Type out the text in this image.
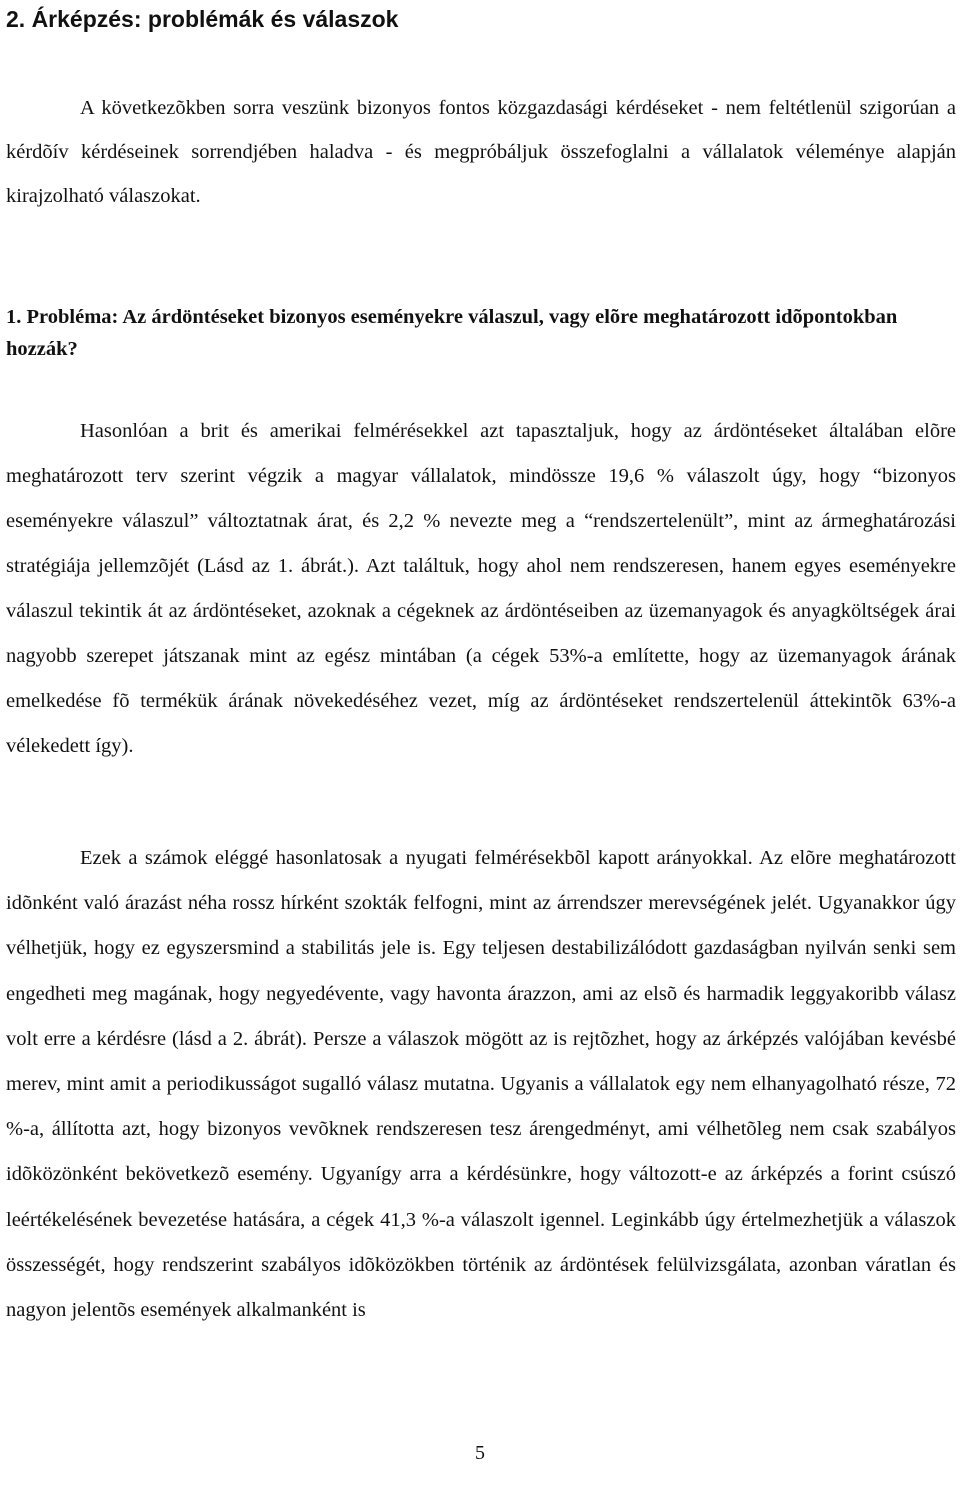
2. Árképzés: problémák és válaszok

A következõkben sorra veszünk bizonyos fontos közgazdasági kérdéseket - nem feltétlenül szigorúan a kérdõív kérdéseinek sorrendjében haladva - és megpróbáljuk összefoglalni a vállalatok véleménye alapján kirajzolható válaszokat.

1. Probléma: Az árdöntéseket bizonyos eseményekre válaszul, vagy elõre meghatározott idõpontokban hozzák?

Hasonlóan a brit és amerikai felmérésekkel azt tapasztaljuk, hogy az árdöntéseket általában elõre meghatározott terv szerint végzik a magyar vállalatok, mindössze 19,6 % válaszolt úgy, hogy “bizonyos eseményekre válaszul” változtatnak árat, és 2,2 % nevezte meg a “rendszertelenült”, mint az ármeghatározási stratégiája jellemzõjét (Lásd az 1. ábrát.). Azt találtuk, hogy ahol nem rendszeresen, hanem egyes eseményekre válaszul tekintik át az árdöntéseket, azoknak a cégeknek az árdöntéseiben az üzemanyagok és anyagköltségek árai nagyobb szerepet játszanak mint az egész mintában (a cégek 53%-a említette, hogy az üzemanyagok árának emelkedése fõ termékük árának növekedéséhez vezet, míg az árdöntéseket rendszertelenül áttekintõk 63%-a vélekedett így).

Ezek a számok eléggé hasonlatosak a nyugati felmérésekbõl kapott arányokkal. Az elõre meghatározott idõnként való árazást néha rossz hírként szokták felfogni, mint az árrendszer merevségének jelét. Ugyanakkor úgy vélhetjük, hogy ez egyszersmind a stabilitás jele is. Egy teljesen destabilizálódott gazdaságban nyilván senki sem engedheti meg magának, hogy negyedévente, vagy havonta árazzon, ami az elsõ és harmadik leggyakoribb válasz volt erre a kérdésre (lásd a 2. ábrát). Persze a válaszok mögött az is rejtõzhet, hogy az árképzés valójában kevésbé merev, mint amit a periodikusságot sugalló válasz mutatna. Ugyanis a vállalatok egy nem elhanyagolható része, 72 %-a, állította azt, hogy bizonyos vevõknek rendszeresen tesz árengedményt, ami vélhetõleg nem csak szabályos idõközönként bekövetkezõ esemény. Ugyanígy arra a kérdésünkre, hogy változott-e az árképzés a forint csúszó leértékelésének bevezetése hatására, a cégek 41,3 %-a válaszolt igennel. Leginkább úgy értelmezhetjük a válaszok összességét, hogy rendszerint szabályos idõközökben történik az árdöntések felülvizsgálata, azonban váratlan és nagyon jelentõs események alkalmanként is

5
